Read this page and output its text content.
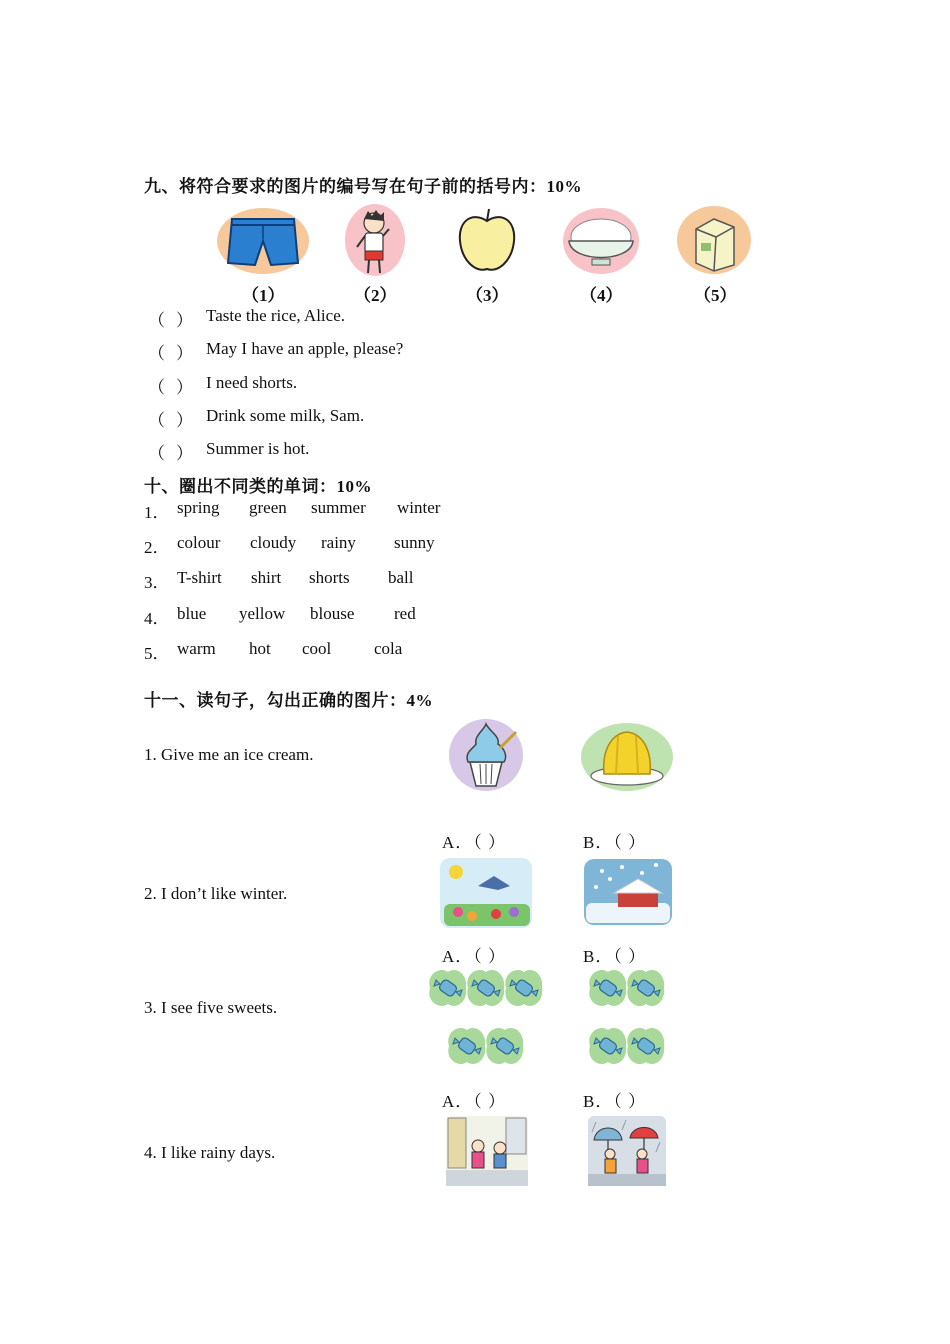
九、将符合要求的图片的编号写在句子前的括号内：10%
（1）	（2）	（3）	（4）	（5）
（ ） Taste the rice, Alice.
（ ） May I have an apple, please?
（ ） I need shorts.
（ ） Drink some milk, Sam.
（ ） Summer is hot.
十、圈出不同类的单词：10%
1． spring green summer winter
2． colour cloudy rainy sunny
3． T-shirt shirt shorts ball
4． blue yellow blouse red
5． warm hot cool	cola
十一、读句子，勾出正确的图片：4%
1. Give me an ice cream.
A．（ ）	B．（ ）
2. I don’t like winter.
A．（ ）	B．（ ）
3. I see five sweets.
A．（ ）	B．（ ）
4. I like rainy days.
